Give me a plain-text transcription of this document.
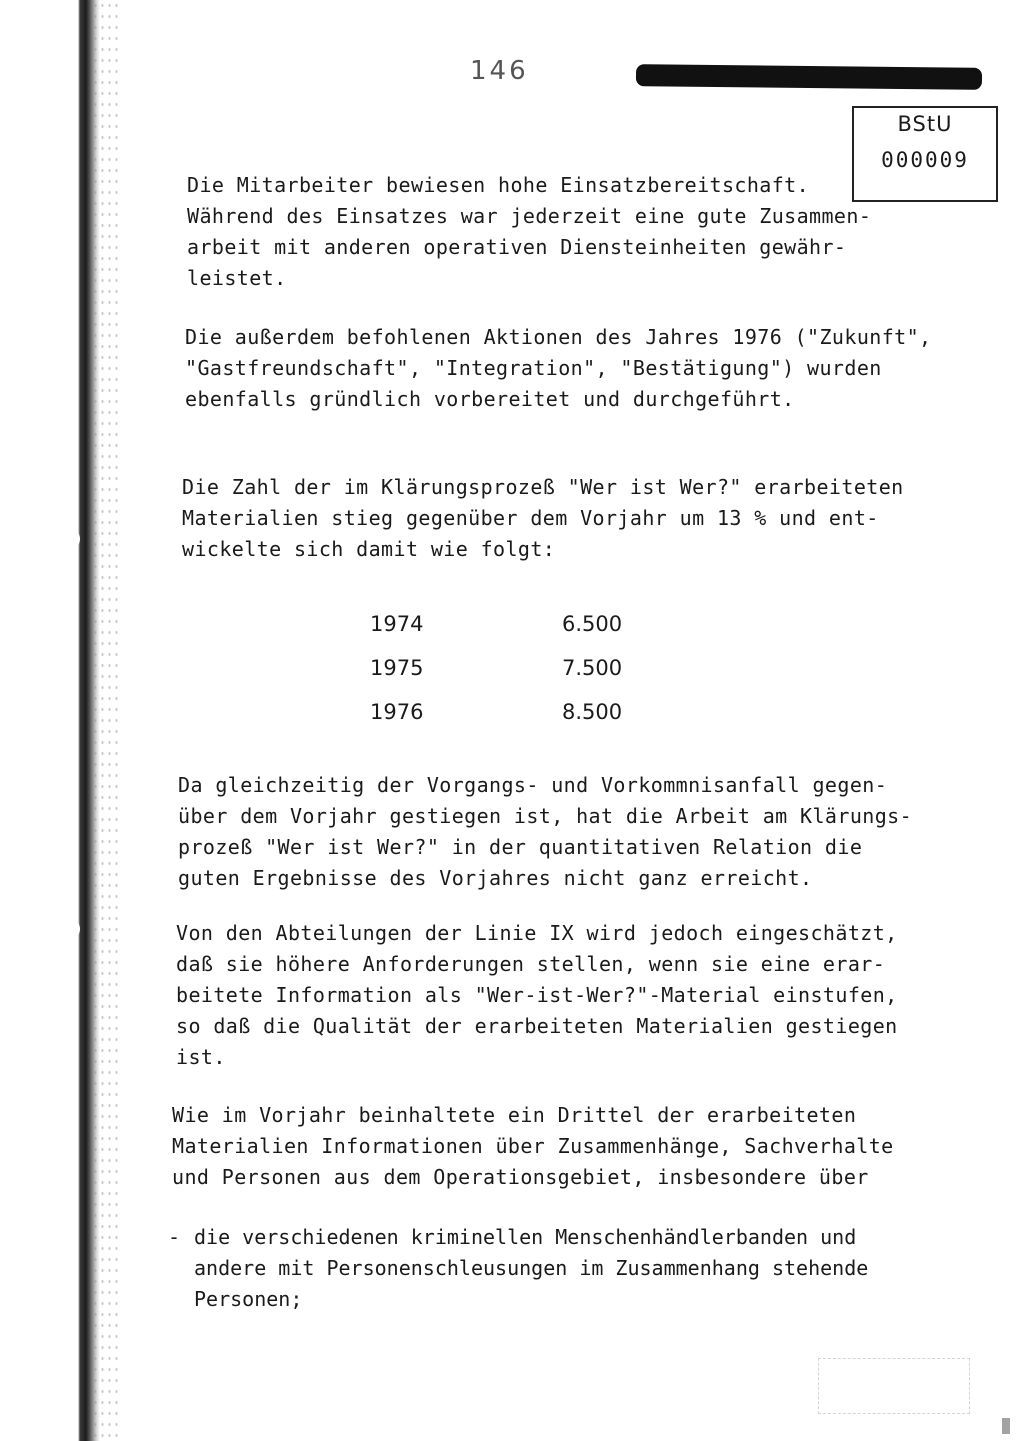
146
BStU
000009
Die Mitarbeiter bewiesen hohe Einsatzbereitschaft.
Während des Einsatzes war jederzeit eine gute Zusammen-
arbeit mit anderen operativen Diensteinheiten gewähr-
leistet.
Die außerdem befohlenen Aktionen des Jahres 1976 ("Zukunft",
"Gastfreundschaft", "Integration", "Bestätigung") wurden
ebenfalls gründlich vorbereitet und durchgeführt.
Die Zahl der im Klärungsprozeß "Wer ist Wer?" erarbeiteten
Materialien stieg gegenüber dem Vorjahr um 13 % und ent-
wickelte sich damit wie folgt:
1974	6.500
1975	7.500
1976	8.500
Da gleichzeitig der Vorgangs- und Vorkommnisanfall gegen-
über dem Vorjahr gestiegen ist, hat die Arbeit am Klärungs-
prozeß "Wer ist Wer?" in der quantitativen Relation die
guten Ergebnisse des Vorjahres nicht ganz erreicht.
Von den Abteilungen der Linie IX wird jedoch eingeschätzt,
daß sie höhere Anforderungen stellen, wenn sie eine erar-
beitete Information als "Wer-ist-Wer?"-Material einstufen,
so daß die Qualität der erarbeiteten Materialien gestiegen
ist.
Wie im Vorjahr beinhaltete ein Drittel der erarbeiteten
Materialien Informationen über Zusammenhänge, Sachverhalte
und Personen aus dem Operationsgebiet, insbesondere über
- die verschiedenen kriminellen Menschenhändlerbanden und
andere mit Personenschleusungen im Zusammenhang stehende
Personen;
